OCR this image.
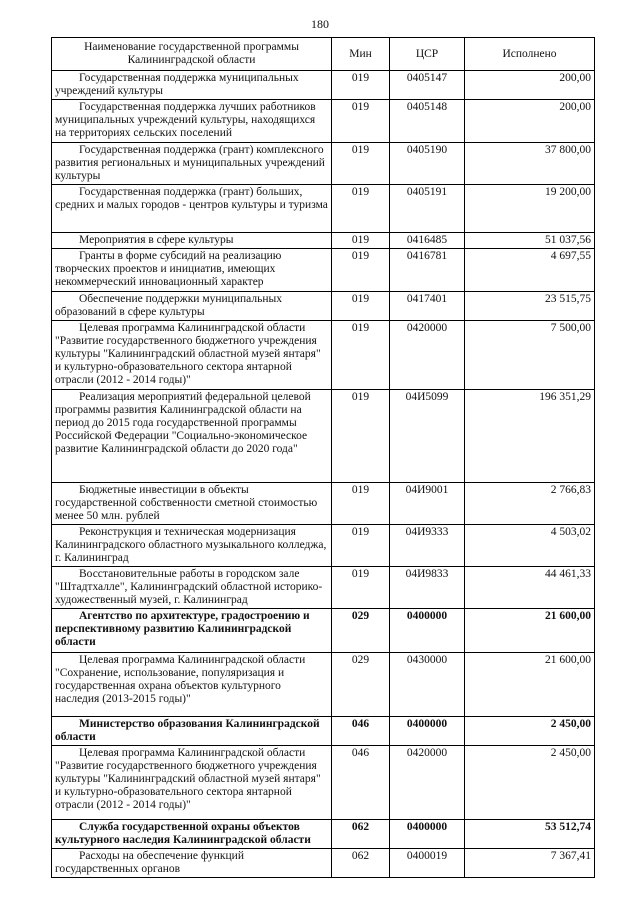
180
Наименование государственной программы Калининградской области	Мин	ЦСР	Исполнено
Государственная поддержка муниципальных учреждений культуры	019	0405147	200,00
Государственная поддержка лучших работников муниципальных учреждений культуры, находящихся на территориях сельских поселений	019	0405148	200,00
Государственная поддержка (грант) комплексного развития региональных и муниципальных учреждений культуры	019	0405190	37 800,00
Государственная поддержка (грант) больших, средних и малых городов - центров культуры и туризма	019	0405191	19 200,00
Мероприятия в сфере культуры	019	0416485	51 037,56
Гранты в форме субсидий на реализацию творческих проектов и инициатив, имеющих некоммерческий инновационный характер	019	0416781	4 697,55
Обеспечение поддержки муниципальных образований в сфере культуры	019	0417401	23 515,75
Целевая программа Калининградской области "Развитие государственного бюджетного учреждения культуры "Калининградский областной музей янтаря" и культурно-образовательного сектора янтарной отрасли (2012 - 2014 годы)"	019	0420000	7 500,00
Реализация мероприятий федеральной целевой программы развития Калининградской области на период до 2015 года государственной программы Российской Федерации "Социально-экономическое развитие Калининградской области до 2020 года"	019	04И5099	196 351,29
Бюджетные инвестиции в объекты государственной собственности сметной стоимостью менее 50 млн. рублей	019	04И9001	2 766,83
Реконструкция и техническая модернизация Калининградского областного музыкального колледжа, г. Калининград	019	04И9333	4 503,02
Восстановительные работы в городском зале "Штадтхалле", Калининградский областной историко-художественный музей, г. Калининград	019	04И9833	44 461,33
Агентство по архитектуре, градостроению и перспективному развитию Калининградской области	029	0400000	21 600,00
Целевая программа Калининградской области "Сохранение, использование, популяризация и государственная охрана объектов культурного наследия (2013-2015 годы)"	029	0430000	21 600,00
Министерство образования Калининградской области	046	0400000	2 450,00
Целевая программа Калининградской области "Развитие государственного бюджетного учреждения культуры "Калининградский областной музей янтаря" и культурно-образовательного сектора янтарной отрасли (2012 - 2014 годы)"	046	0420000	2 450,00
Служба государственной охраны объектов культурного наследия Калининградской области	062	0400000	53 512,74
Расходы на обеспечение функций государственных органов	062	0400019	7 367,41
